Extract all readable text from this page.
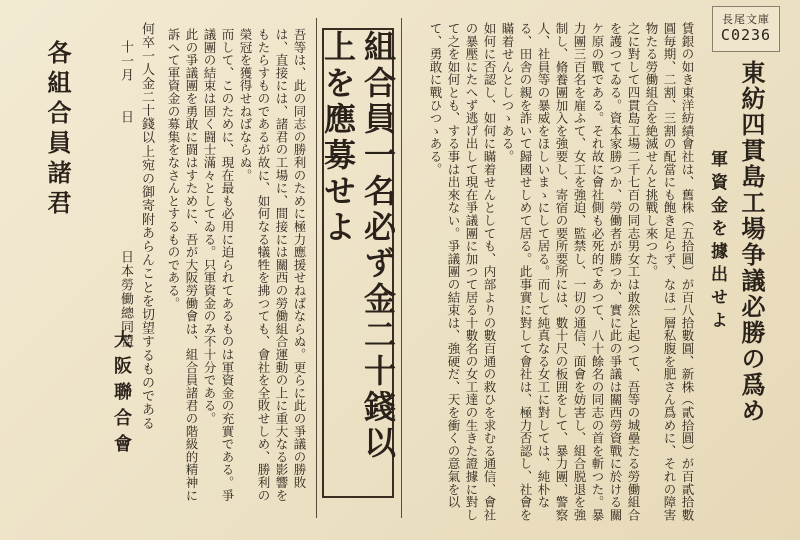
長尾文庫
C0236
東紡四貫島工場争議必勝の爲め
軍資金を據出せよ

賃銀の如き東洋紡績會社は、舊株（五拾圓）が百八拾數圓、新株（貳拾圓）が百貳拾數圓毎期、二割、三割の配當にも飽き足らず、なほ一層私腹を肥さん爲めに、それの障害物たる勞働組合を絶滅せんと挑戰し來つた。

之に對して四貫島工場二千七百の同志男女工は敢然と起つて、吾等の城壘たる勞働組合を護つてゐる。資本家勝つか、勞働者が勝つか、實に此の爭議は關西勞資戰に於ける關ケ原の戰である。それ故に會社側も必死的であつて、八十餘名の同志の首を斬つた。暴力團三百名を雇ふて、女工を強迫、監禁し、一切の通信、面會を妨害し、組合脱退を強制し、脩養團加入を強要し、寄宿の要所要所には、數十尺の板囲をして、暴力團、警察人、社員等の暴威をほしいまゝにして居る。而して純真なる女工に對しては、純朴なる、田舎の親を詐いて歸國せしめて居る。此事實に對して會社は、極力否認し、社會を瞞着せんとしつゝある。

如何に否認し、如何に瞞着せんとしても、内部よりの數百通の救ひを求むる通信、會社の暴壓にたへず逃げ出して現在爭議團に加つて居る十數名の女工達の生きた證據に對して之を如何とも、する事は出來ない。爭議團の結束は、強硬だ、天を衝くの意氣を以て、勇敢に戰ひつゝある。

組合員一名必ず金二十錢以上を應募せよ

吾等は、此の同志の勝利のために極力應援せねばならぬ。更らに此の爭議の勝敗は、直接には、諸君の工場に、間接には關西の勞働組合運動の上に重大なる影響をもたらすものであるが故に、如何なる犠牲を拂つても、會社を全敗せしめ、勝利の榮冠を獲得せねばならぬ。

而して、このために、現在最も必用に迫られてあるものは軍資金の充實である。爭議團の結束は固く闘士滿々としてゐる。只軍資金のみ不十分である。

此の爭議團を勇敢に闘はすために、吾が大阪勞働會は、組合員諸君の階級的精神に訴へて軍資金の募集をなさんとするものである。

何卒一人金二十錢以上宛の御寄附あらんことを切望するものである
十一月　　日
日本勞働總同盟
大阪聯合會
各組合員諸君
